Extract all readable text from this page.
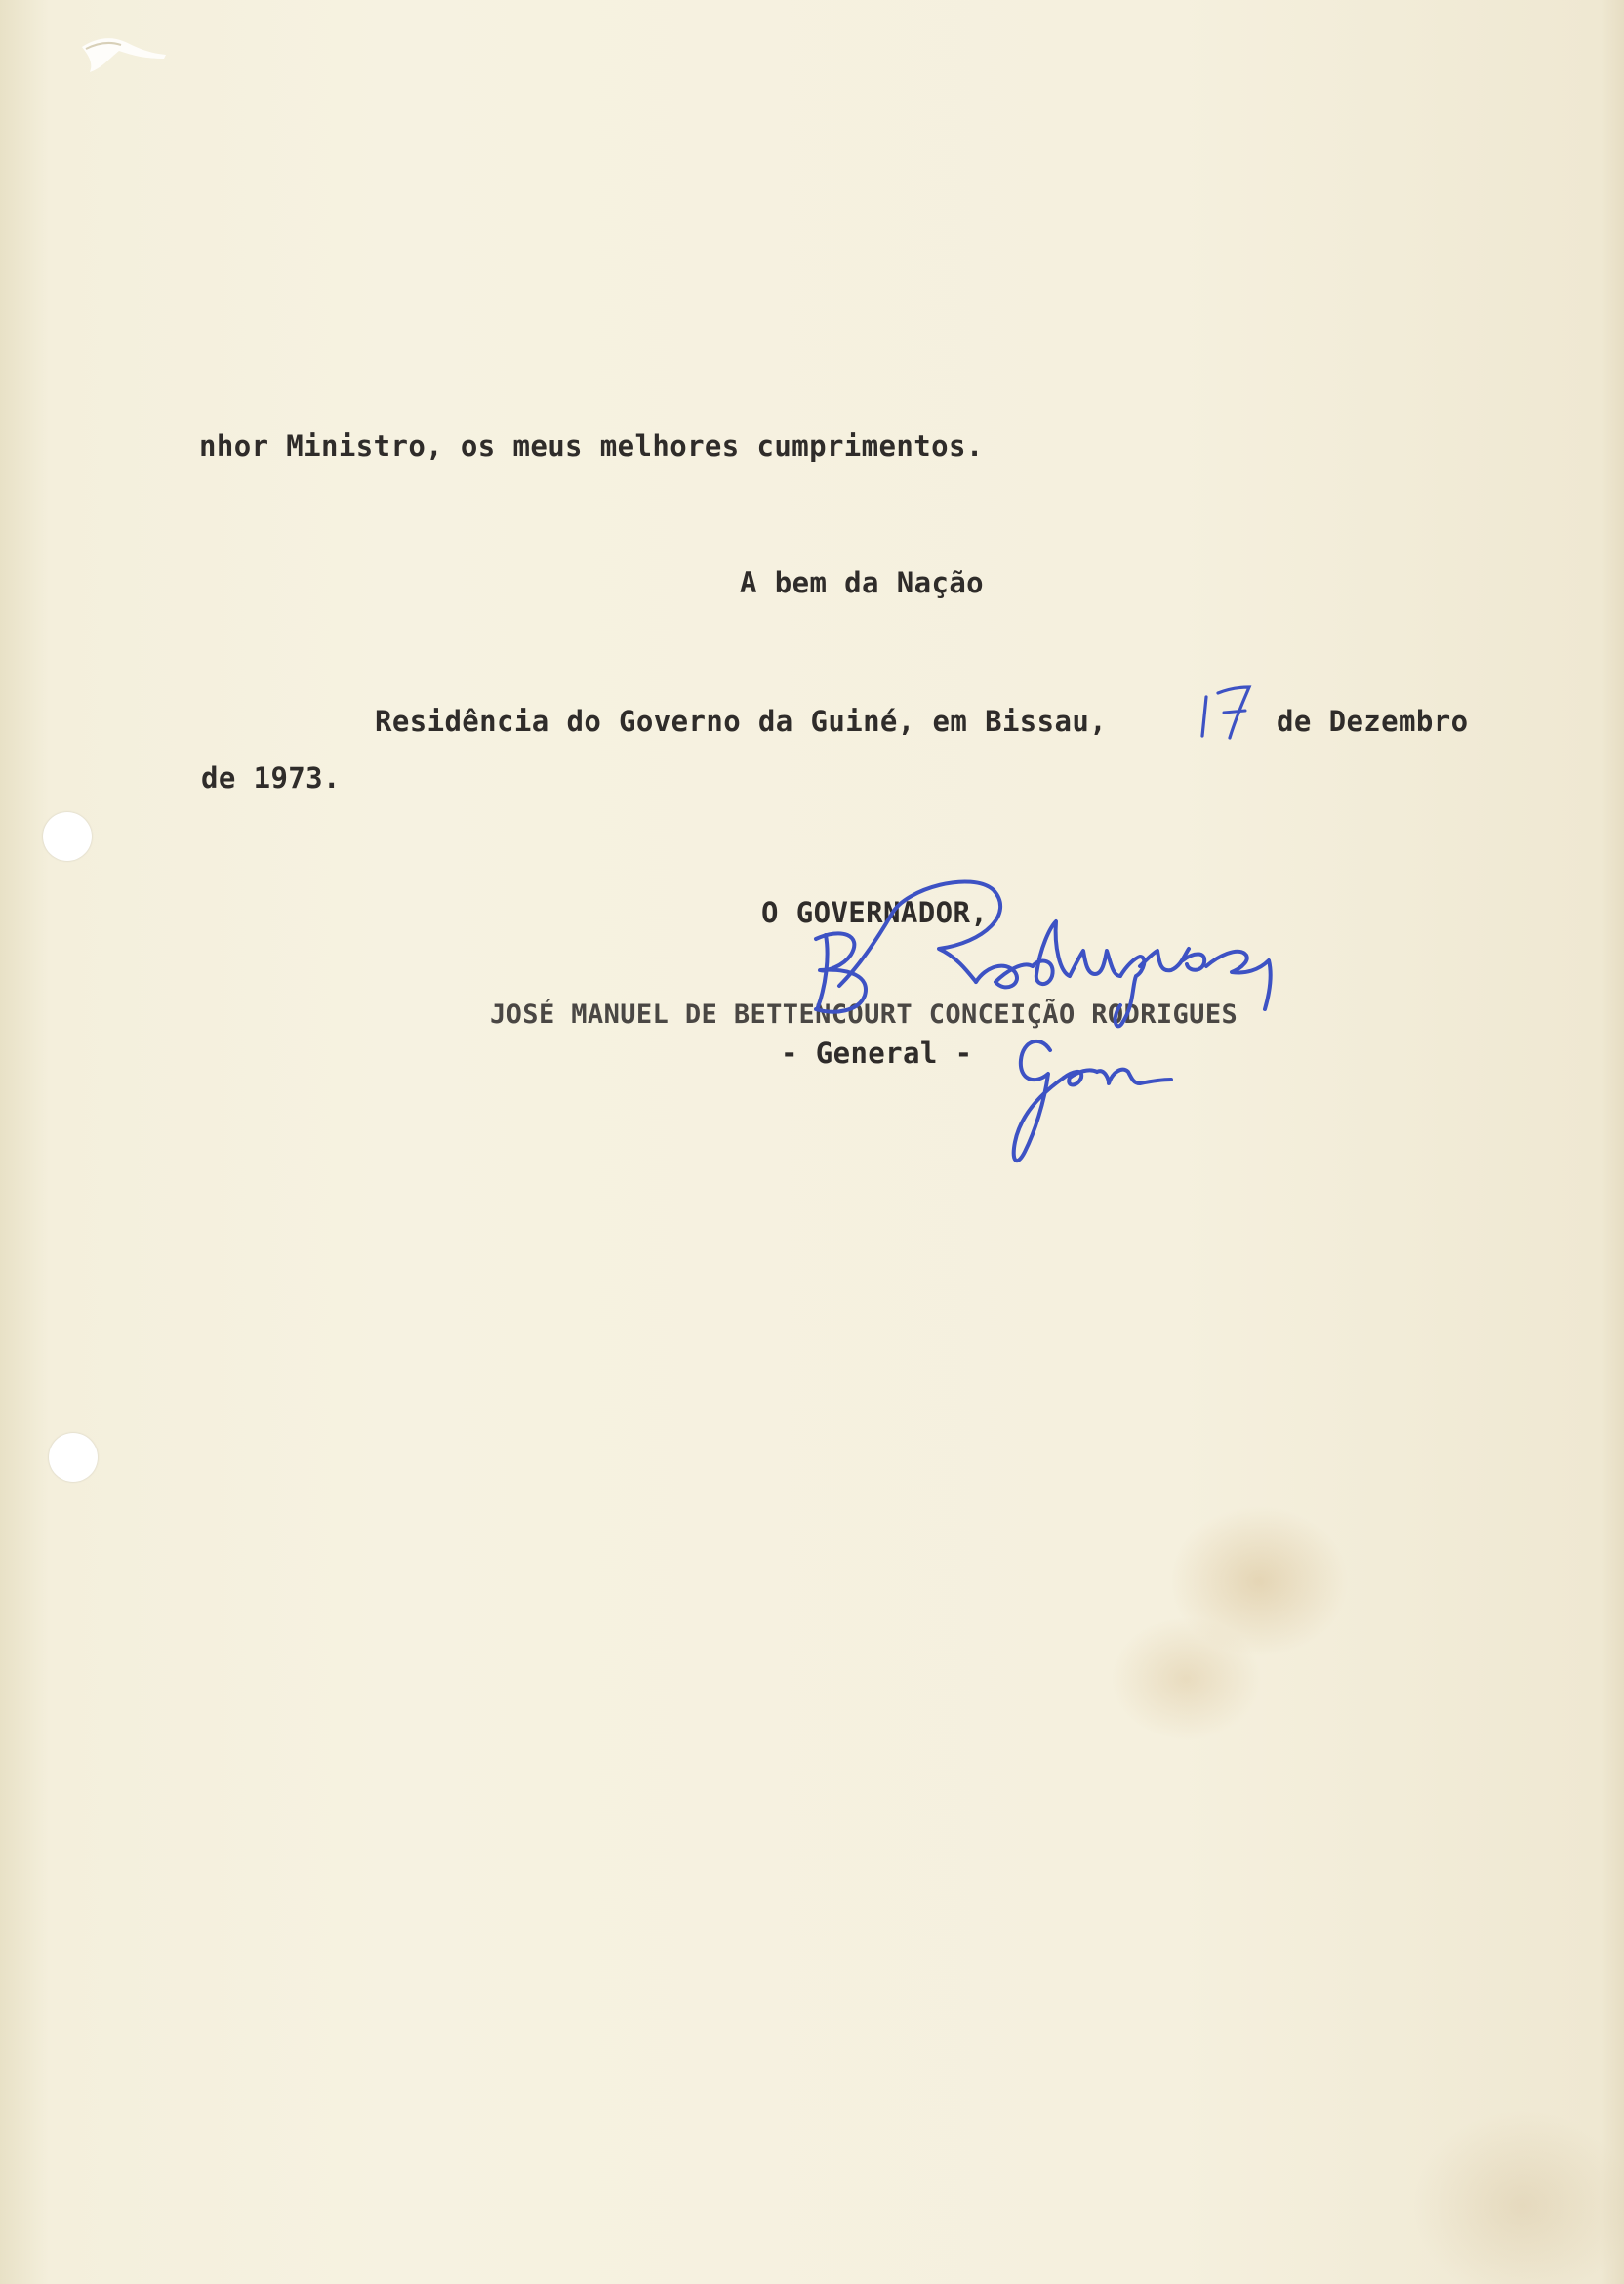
nhor Ministro, os meus melhores cumprimentos.
A bem da Nação
Residência do Governo da Guiné, em Bissau,	de Dezembro
de 1973.
O GOVERNADOR,
JOSÉ MANUEL DE BETTENCOURT CONCEIÇÃO RODRIGUES
- General -
